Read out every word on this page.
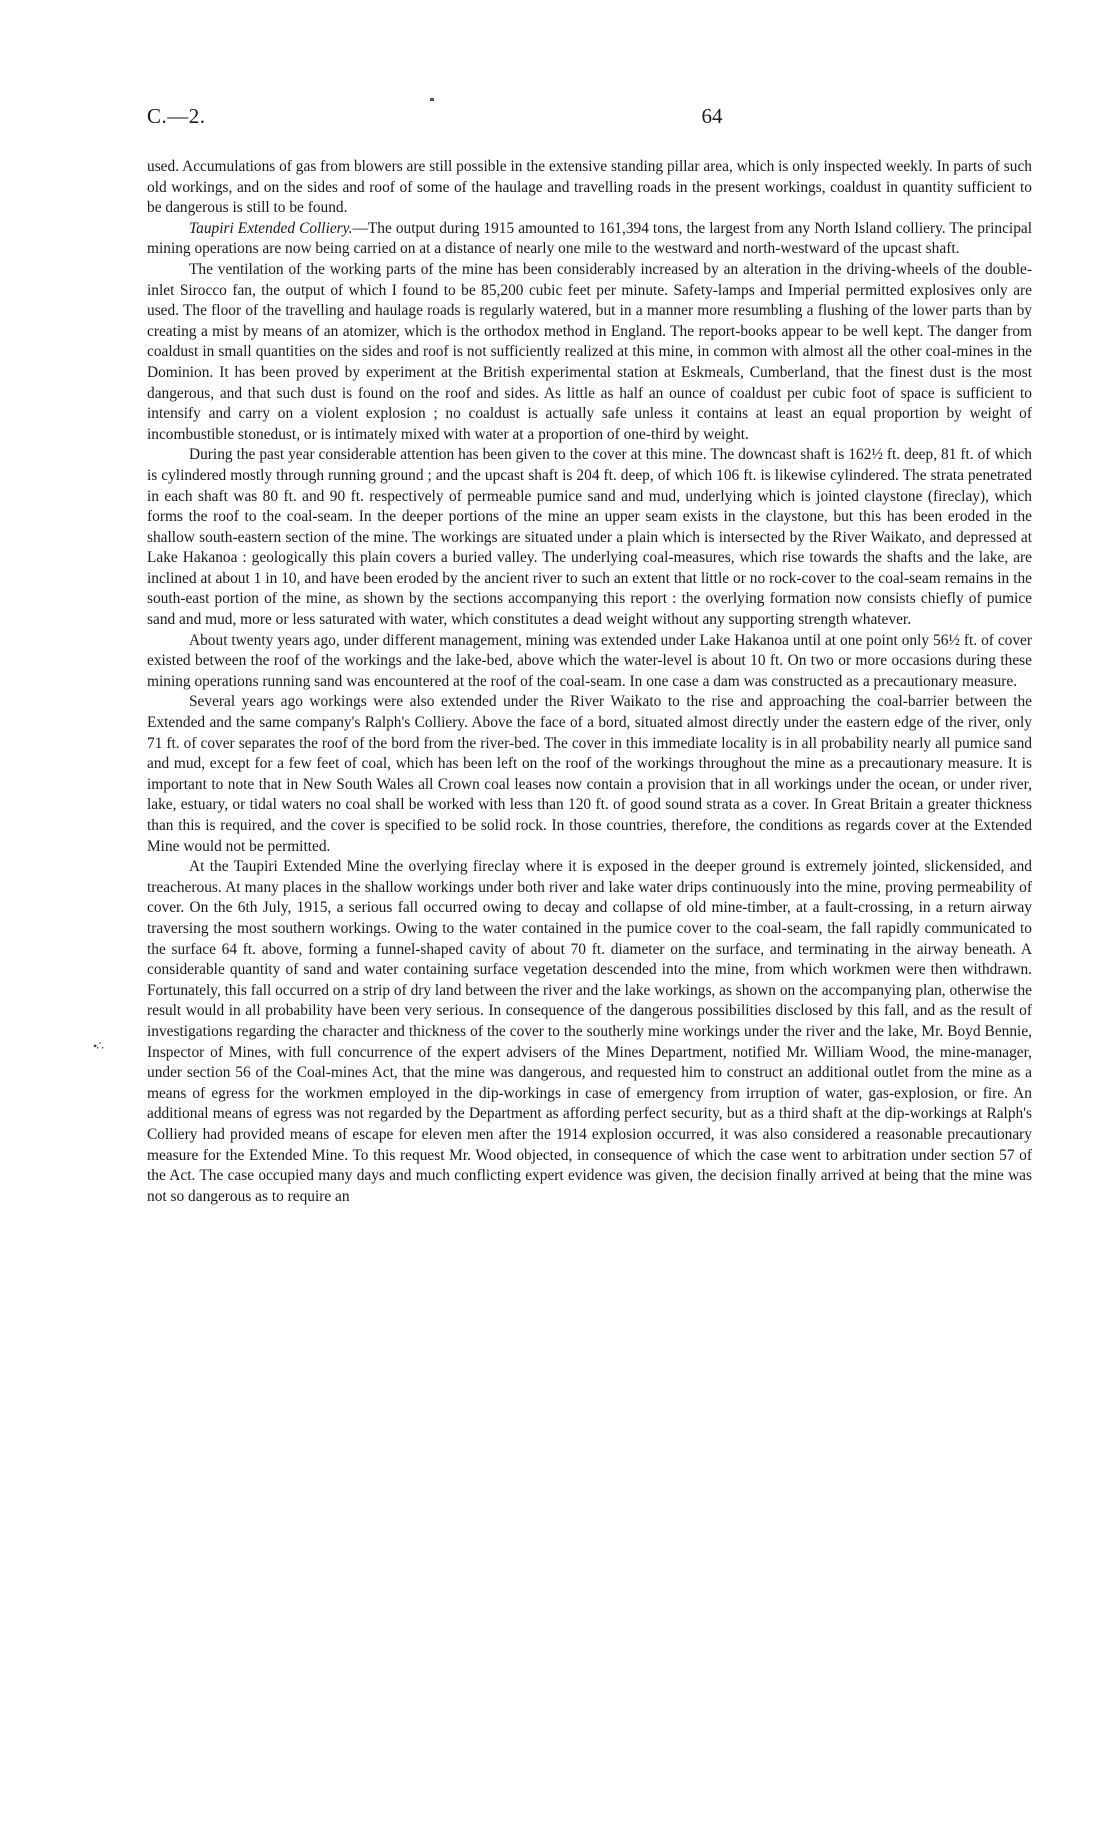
C.—2.	64

used. Accumulations of gas from blowers are still possible in the extensive standing pillar area, which is only inspected weekly. In parts of such old workings, and on the sides and roof of some of the haulage and travelling roads in the present workings, coaldust in quantity sufficient to be dangerous is still to be found.

Taupiri Extended Colliery.—The output during 1915 amounted to 161,394 tons, the largest from any North Island colliery. The principal mining operations are now being carried on at a distance of nearly one mile to the westward and north-westward of the upcast shaft.

The ventilation of the working parts of the mine has been considerably increased by an alteration in the driving-wheels of the double-inlet Sirocco fan, the output of which I found to be 85,200 cubic feet per minute. Safety-lamps and Imperial permitted explosives only are used. The floor of the travelling and haulage roads is regularly watered, but in a manner more resumbling a flushing of the lower parts than by creating a mist by means of an atomizer, which is the orthodox method in England. The report-books appear to be well kept. The danger from coaldust in small quantities on the sides and roof is not sufficiently realized at this mine, in common with almost all the other coal-mines in the Dominion. It has been proved by experiment at the British experimental station at Eskmeals, Cumberland, that the finest dust is the most dangerous, and that such dust is found on the roof and sides. As little as half an ounce of coaldust per cubic foot of space is sufficient to intensify and carry on a violent explosion ; no coaldust is actually safe unless it contains at least an equal proportion by weight of incombustible stonedust, or is intimately mixed with water at a proportion of one-third by weight.

During the past year considerable attention has been given to the cover at this mine. The downcast shaft is 162½ ft. deep, 81 ft. of which is cylindered mostly through running ground ; and the upcast shaft is 204 ft. deep, of which 106 ft. is likewise cylindered. The strata penetrated in each shaft was 80 ft. and 90 ft. respectively of permeable pumice sand and mud, underlying which is jointed claystone (fireclay), which forms the roof to the coal-seam. In the deeper portions of the mine an upper seam exists in the claystone, but this has been eroded in the shallow south-eastern section of the mine. The workings are situated under a plain which is intersected by the River Waikato, and depressed at Lake Hakanoa : geologically this plain covers a buried valley. The underlying coal-measures, which rise towards the shafts and the lake, are inclined at about 1 in 10, and have been eroded by the ancient river to such an extent that little or no rock-cover to the coal-seam remains in the south-east portion of the mine, as shown by the sections accompanying this report : the overlying formation now consists chiefly of pumice sand and mud, more or less saturated with water, which constitutes a dead weight without any supporting strength whatever.

About twenty years ago, under different management, mining was extended under Lake Hakanoa until at one point only 56½ ft. of cover existed between the roof of the workings and the lake-bed, above which the water-level is about 10 ft. On two or more occasions during these mining operations running sand was encountered at the roof of the coal-seam. In one case a dam was constructed as a precautionary measure.

Several years ago workings were also extended under the River Waikato to the rise and approaching the coal-barrier between the Extended and the same company's Ralph's Colliery. Above the face of a bord, situated almost directly under the eastern edge of the river, only 71 ft. of cover separates the roof of the bord from the river-bed. The cover in this immediate locality is in all probability nearly all pumice sand and mud, except for a few feet of coal, which has been left on the roof of the workings throughout the mine as a precautionary measure. It is important to note that in New South Wales all Crown coal leases now contain a provision that in all workings under the ocean, or under river, lake, estuary, or tidal waters no coal shall be worked with less than 120 ft. of good sound strata as a cover. In Great Britain a greater thickness than this is required, and the cover is specified to be solid rock. In those countries, therefore, the conditions as regards cover at the Extended Mine would not be permitted.

At the Taupiri Extended Mine the overlying fireclay where it is exposed in the deeper ground is extremely jointed, slickensided, and treacherous. At many places in the shallow workings under both river and lake water drips continuously into the mine, proving permeability of cover. On the 6th July, 1915, a serious fall occurred owing to decay and collapse of old mine-timber, at a fault-crossing, in a return airway traversing the most southern workings. Owing to the water contained in the pumice cover to the coal-seam, the fall rapidly communicated to the surface 64 ft. above, forming a funnel-shaped cavity of about 70 ft. diameter on the surface, and terminating in the airway beneath. A considerable quantity of sand and water containing surface vegetation descended into the mine, from which workmen were then withdrawn. Fortunately, this fall occurred on a strip of dry land between the river and the lake workings, as shown on the accompanying plan, otherwise the result would in all probability have been very serious. In consequence of the dangerous possibilities disclosed by this fall, and as the result of investigations regarding the character and thickness of the cover to the southerly mine workings under the river and the lake, Mr. Boyd Bennie, Inspector of Mines, with full concurrence of the expert advisers of the Mines Department, notified Mr. William Wood, the mine-manager, under section 56 of the Coal-mines Act, that the mine was dangerous, and requested him to construct an additional outlet from the mine as a means of egress for the workmen employed in the dip-workings in case of emergency from irruption of water, gas-explosion, or fire. An additional means of egress was not regarded by the Department as affording perfect security, but as a third shaft at the dip-workings at Ralph's Colliery had provided means of escape for eleven men after the 1914 explosion occurred, it was also considered a reasonable precautionary measure for the Extended Mine. To this request Mr. Wood objected, in consequence of which the case went to arbitration under section 57 of the Act. The case occupied many days and much conflicting expert evidence was given, the decision finally arrived at being that the mine was not so dangerous as to require an

•∴
